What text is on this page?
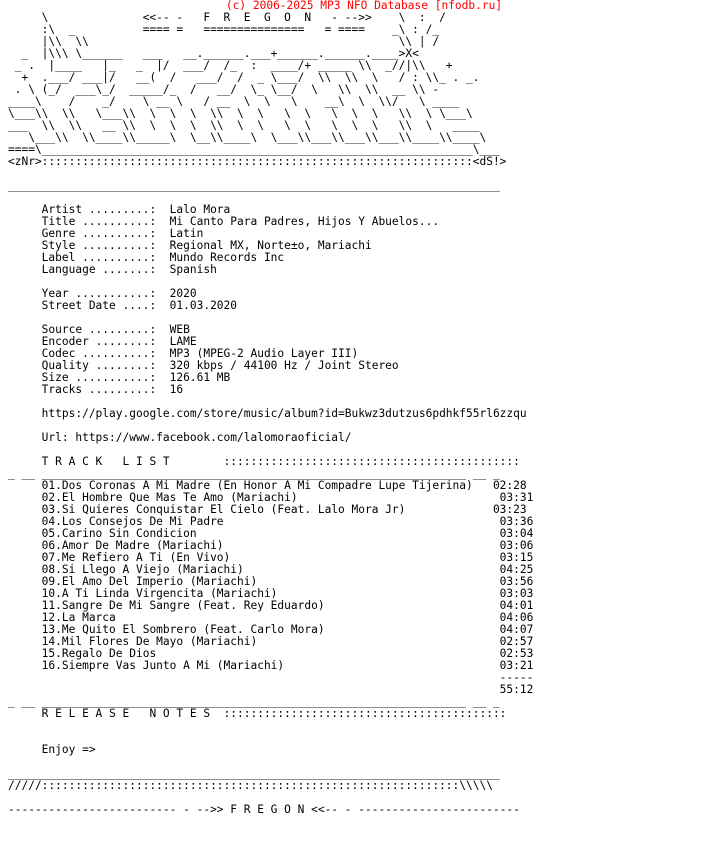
(c) 2006-2025 MP3 NFO Database [nfodb.ru]
\              <<-- -   F  R  E  G  O  N   - -->>    \  :  /
:\  _          ==== =   ===============   = ====    _\ : /_
|\\  \\                                              \\ | /
_  |\\\ \______   ___   __.______.___+______.______.____>X<
_ .  |____   |_   _  |/  ___/  /_  :  ____/+ _____ \\  _//|\\   +
+  .___/ ___|/   __(  /   ___/  /  _ \___/  \\  \\  \   / : \\_ . _.
. \ (_/  ___\_/  _____/_  /   __/  \_ \__/  \   \\  \\  __ \\ -
____\    /    _/    \ __ \   / __  \  \   \    __\  \  \\/   \ ____
\___\\  \\   \___\\  \  \  \  \\  \  \   \  \   \  \  \   \\  \ \___\
___  \\  \\   __ \\  \  \  \  \\  \  \   \  \   \  \  \   \\  \   ____
\___\\  \\____\\_____\  \__\\____\  \___\\___\\___\\___\\____\\____\
====\________________________________________________________________\___
<zNr>::::::::::::::::::::::::::::::::::::::::::::::::::::::::::::::::<dS!>

_________________________________________________________________________

Artist .........:  Lalo Mora
Title ..........:  Mi Canto Para Padres, Hijos Y Abuelos...
Genre ..........:  Latin
Style ..........:  Regional MX, Norte±o, Mariachi
Label ..........:  Mundo Records Inc
Language .......:  Spanish

Year ...........:  2020
Street Date ....:  01.03.2020

Source .........:  WEB
Encoder ........:  LAME
Codec ..........:  MP3 (MPEG-2 Audio Layer III)
Quality ........:  320 kbps / 44100 Hz / Joint Stereo
Size ...........:  126.61 MB
Tracks .........:  16

https://play.google.com/store/music/album?id=Bukwz3dutzus6pdhkf55rl6zzqu

Url: https://www.facebook.com/lalomoraoficial/

T R A C K   L I S T        ::::::::::::::::::::::::::::::::::::::::::::
_ __ _______________________________________________________________ __ _
01.Dos Coronas A Mi Madre (En Honor A Mi Compadre Lupe Tijerina)   02:28
02.El Hombre Que Mas Te Amo (Mariachi)                              03:31
03.Si Quieres Conquistar El Cielo (Feat. Lalo Mora Jr)             03:23
04.Los Consejos De Mi Padre                                         03:36
05.Carino Sin Condicion                                             03:04
06.Amor De Madre (Mariachi)                                         03:06
07.Me Refiero A Ti (En Vivo)                                        03:15
08.Si Llego A Viejo (Mariachi)                                      04:25
09.El Amo Del Imperio (Mariachi)                                    03:56
10.A Ti Linda Virgencita (Mariachi)                                 03:03
11.Sangre De Mi Sangre (Feat. Rey Eduardo)                          04:01
12.La Marca                                                         04:06
13.Me Quito El Sombrero (Feat. Carlo Mora)                          04:07
14.Mil Flores De Mayo (Mariachi)                                    02:57
15.Regalo De Dios                                                   02:53
16.Siempre Vas Junto A Mi (Mariachi)                                03:21
-----
55:12
_ __ _______________________________________________________________ __ _
R E L E A S E   N O T E S  ::::::::::::::::::::::::::::::::::::::::::

Enjoy =>

_________________________________________________________________________
/////::::::::::::::::::::::::::::::::::::::::::::::::::::::::::::::\\\\\

------------------------- - -->> F R E G O N <<-- - ------------------------
